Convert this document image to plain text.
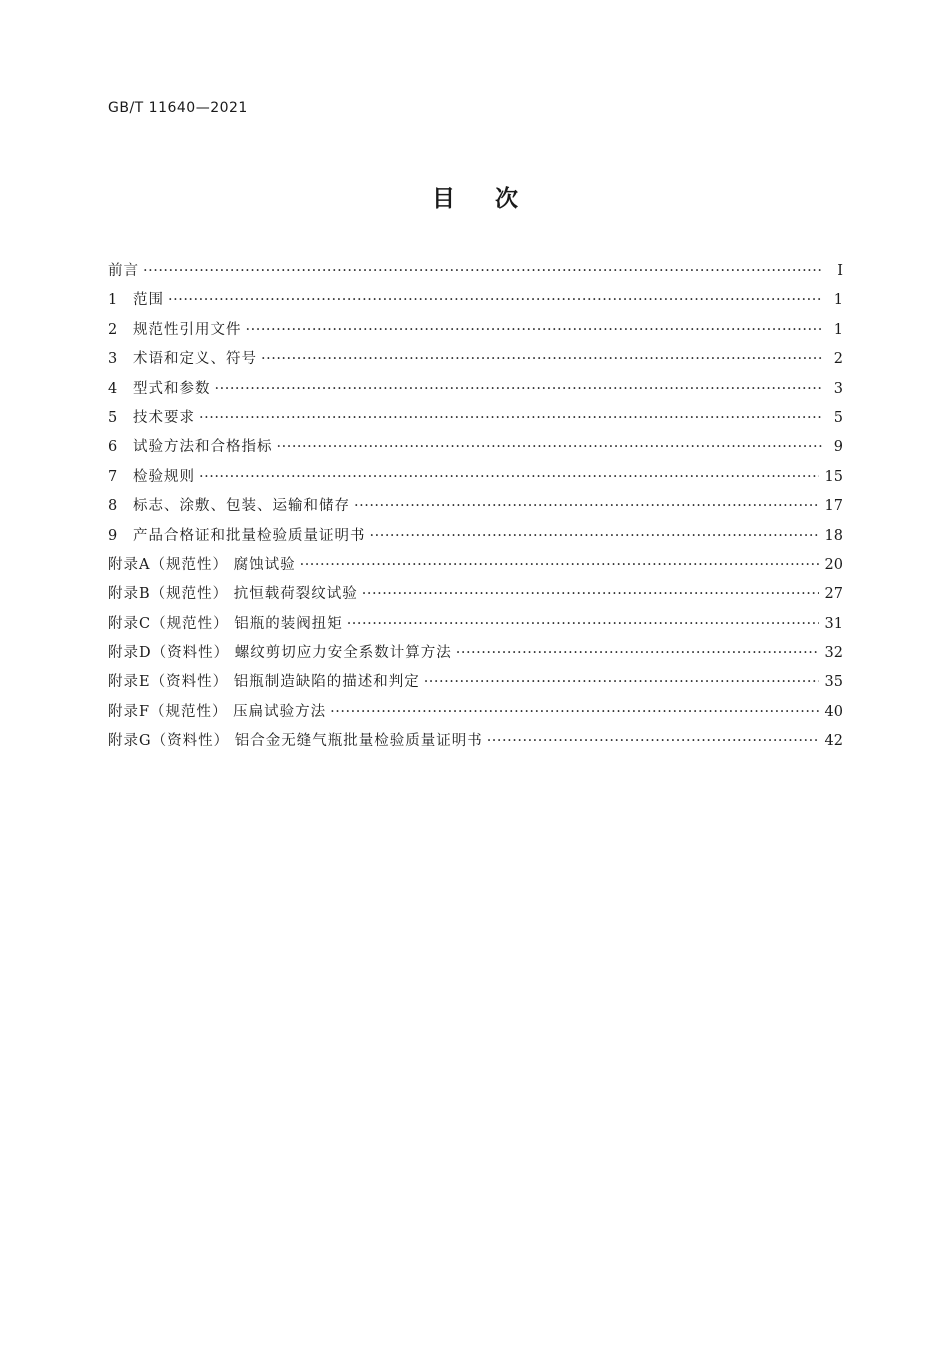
GB/T 11640—2021
目次
前言 ·····	Ⅰ
1	范围 ·····	1
2	规范性引用文件 ·····	1
3	术语和定义、符号 ·····	2
4	型式和参数 ·····	3
5	技术要求 ·····	5
6	试验方法和合格指标 ·····	9
7	检验规则 ·····	15
8	标志、涂敷、包装、运输和储存 ·····	17
9	产品合格证和批量检验质量证明书 ·····	18
附录A（规范性） 腐蚀试验 ·····	20
附录B（规范性） 抗恒载荷裂纹试验 ·····	27
附录C（规范性） 铝瓶的装阀扭矩 ·····	31
附录D（资料性） 螺纹剪切应力安全系数计算方法 ·····	32
附录E（资料性） 铝瓶制造缺陷的描述和判定 ·····	35
附录F（规范性） 压扁试验方法 ·····	40
附录G（资料性） 铝合金无缝气瓶批量检验质量证明书 ·····	42
